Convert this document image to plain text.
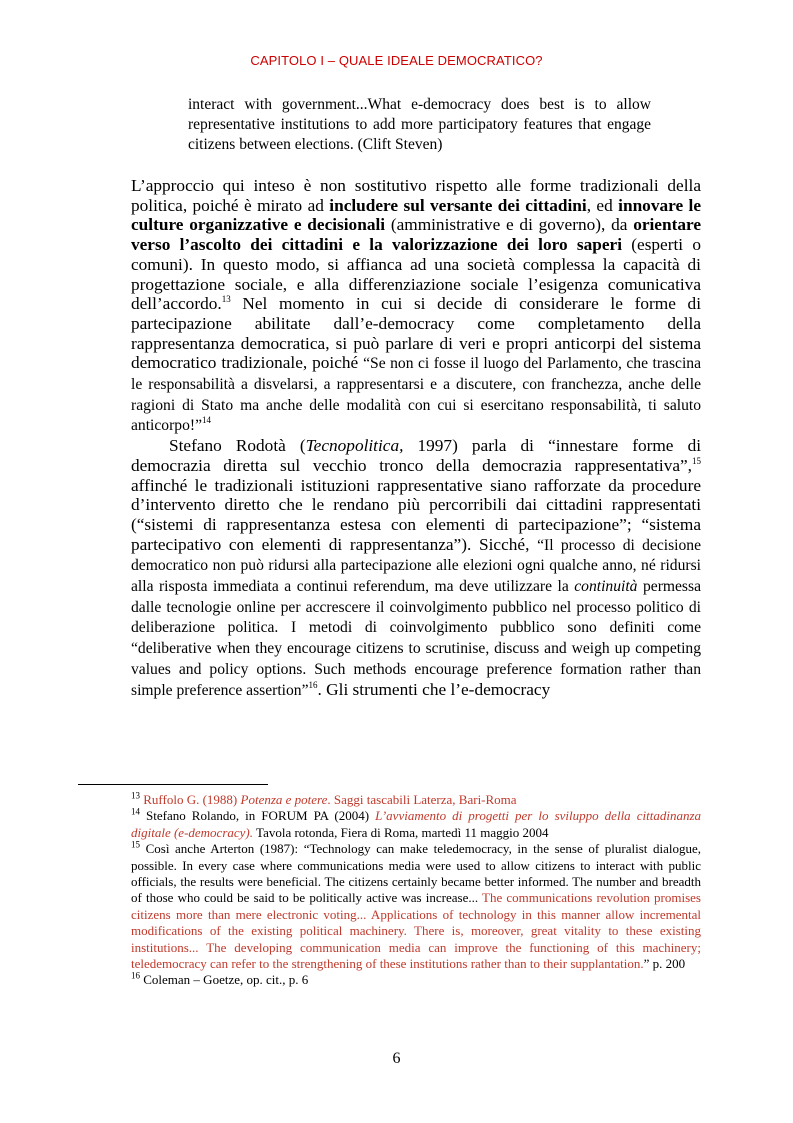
CAPITOLO I – QUALE IDEALE DEMOCRATICO?
interact with government...What e-democracy does best is to allow representative institutions to add more participatory features that engage citizens between elections. (Clift Steven)

L’approccio qui inteso è non sostitutivo rispetto alle forme tradizionali della politica, poiché è mirato ad includere sul versante dei cittadini, ed innovare le culture organizzative e decisionali (amministrative e di governo), da orientare verso l’ascolto dei cittadini e la valorizzazione dei loro saperi (esperti o comuni). In questo modo, si affianca ad una società complessa la capacità di progettazione sociale, e alla differenziazione sociale l’esigenza comunicativa dell’accordo.$^{13}$ Nel momento in cui si decide di considerare le forme di partecipazione abilitate dall’e-democracy come completamento della rappresentanza democratica, si può parlare di veri e propri anticorpi del sistema democratico tradizionale, poiché “Se non ci fosse il luogo del Parlamento, che trascina le responsabilità a disvelarsi, a rappresentarsi e a discutere, con franchezza, anche delle ragioni di Stato ma anche delle modalità con cui si esercitano responsabilità, ti saluto anticorpo!”$^{14}$

Stefano Rodotà (Tecnopolitica, 1997) parla di “innestare forme di democrazia diretta sul vecchio tronco della democrazia rappresentativa”,$^{15}$ affinché le tradizionali istituzioni rappresentative siano rafforzate da procedure d’intervento diretto che le rendano più percorribili dai cittadini rappresentati (“sistemi di rappresentanza estesa con elementi di partecipazione”; “sistema partecipativo con elementi di rappresentanza”). Sicché, “Il processo di decisione democratico non può ridursi alla partecipazione alle elezioni ogni qualche anno, né ridursi alla risposta immediata a continui referendum, ma deve utilizzare la continuità permessa dalle tecnologie online per accrescere il coinvolgimento pubblico nel processo politico di deliberazione politica. I metodi di coinvolgimento pubblico sono definiti come “deliberative when they encourage citizens to scrutinise, discuss and weigh up competing values and policy options. Such methods encourage preference formation rather than simple preference assertion”$^{16}$. Gli strumenti che l’e-democracy

$^{13}$ Ruffolo G. (1988) Potenza e potere. Saggi tascabili Laterza, Bari-Roma

$^{14}$ Stefano Rolando, in FORUM PA (2004) L’avviamento di progetti per lo sviluppo della cittadinanza digitale (e-democracy). Tavola rotonda, Fiera di Roma, martedì 11 maggio 2004

$^{15}$ Così anche Arterton (1987): “Technology can make teledemocracy, in the sense of pluralist dialogue, possible. In every case where communications media were used to allow citizens to interact with public officials, the results were beneficial. The citizens certainly became better informed. The number and breadth of those who could be said to be politically active was increase... The communications revolution promises citizens more than mere electronic voting... Applications of technology in this manner allow incremental modifications of the existing political machinery. There is, moreover, great vitality to these existing institutions... The developing communication media can improve the functioning of this machinery; teledemocracy can refer to the strengthening of these institutions rather than to their supplantation.” p. 200

$^{16}$ Coleman – Goetze, op. cit., p. 6

6
